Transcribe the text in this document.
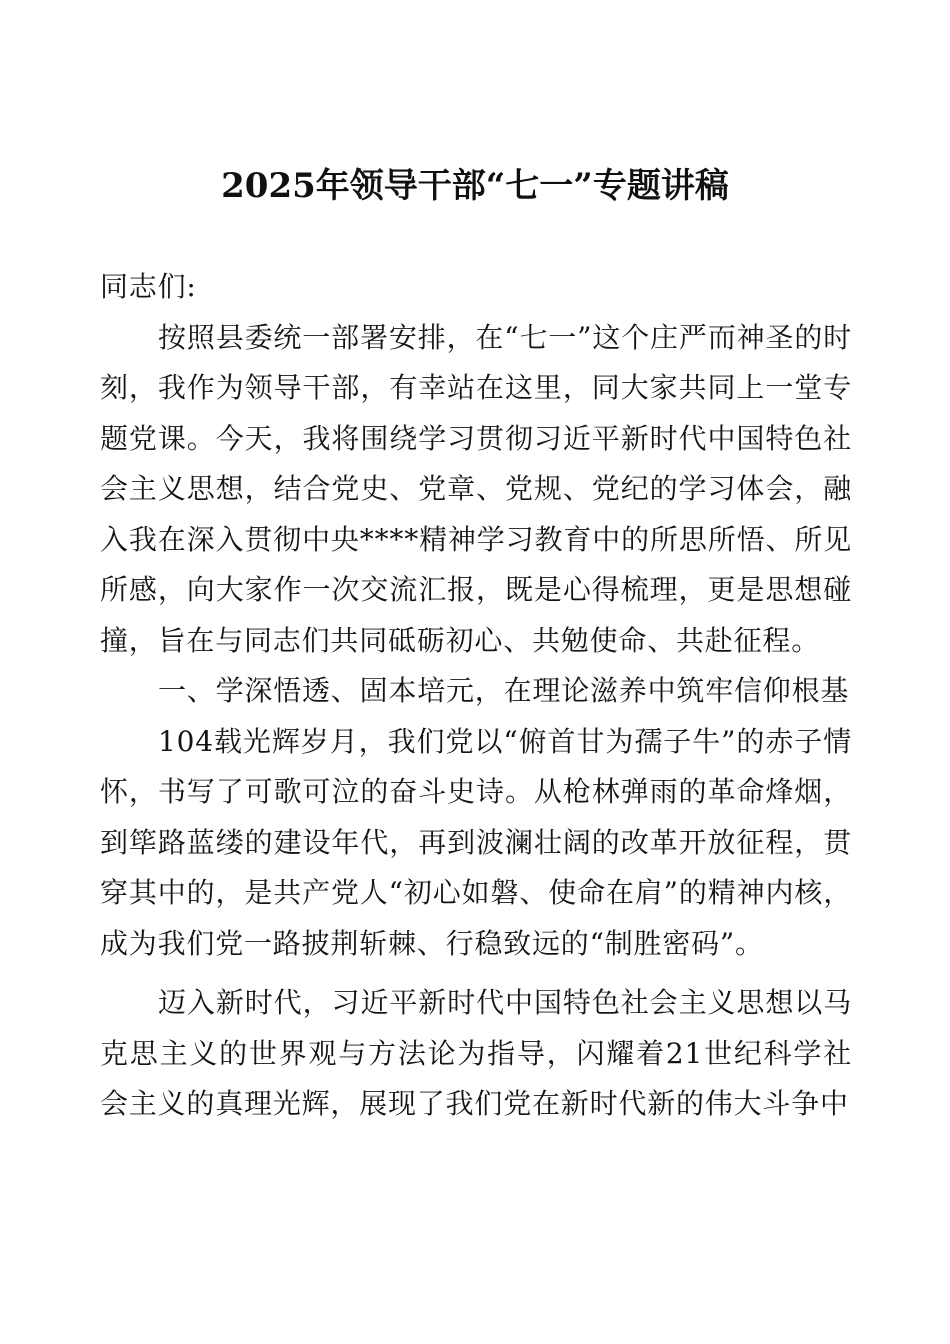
2025年领导干部“七一”专题讲稿

同志们:

按照县委统一部署安排，在“七一”这个庄严而神圣的时刻，我作为领导干部，有幸站在这里，同大家共同上一堂专题党课。今天，我将围绕学习贯彻习近平新时代中国特色社会主义思想，结合党史、党章、党规、党纪的学习体会，融入我在深入贯彻中央****精神学习教育中的所思所悟、所见所感，向大家作一次交流汇报，既是心得梳理，更是思想碰撞，旨在与同志们共同砥砺初心、共勉使命、共赴征程。

一、学深悟透、固本培元，在理论滋养中筑牢信仰根基

104载光辉岁月，我们党以“俯首甘为孺子牛”的赤子情怀，书写了可歌可泣的奋斗史诗。从枪林弹雨的革命烽烟，到筚路蓝缕的建设年代，再到波澜壮阔的改革开放征程，贯穿其中的，是共产党人“初心如磐、使命在肩”的精神内核，成为我们党一路披荆斩棘、行稳致远的“制胜密码”。

迈入新时代，习近平新时代中国特色社会主义思想以马克思主义的世界观与方法论为指导，闪耀着21世纪科学社会主义的真理光辉，展现了我们党在新时代新的伟大斗争中
